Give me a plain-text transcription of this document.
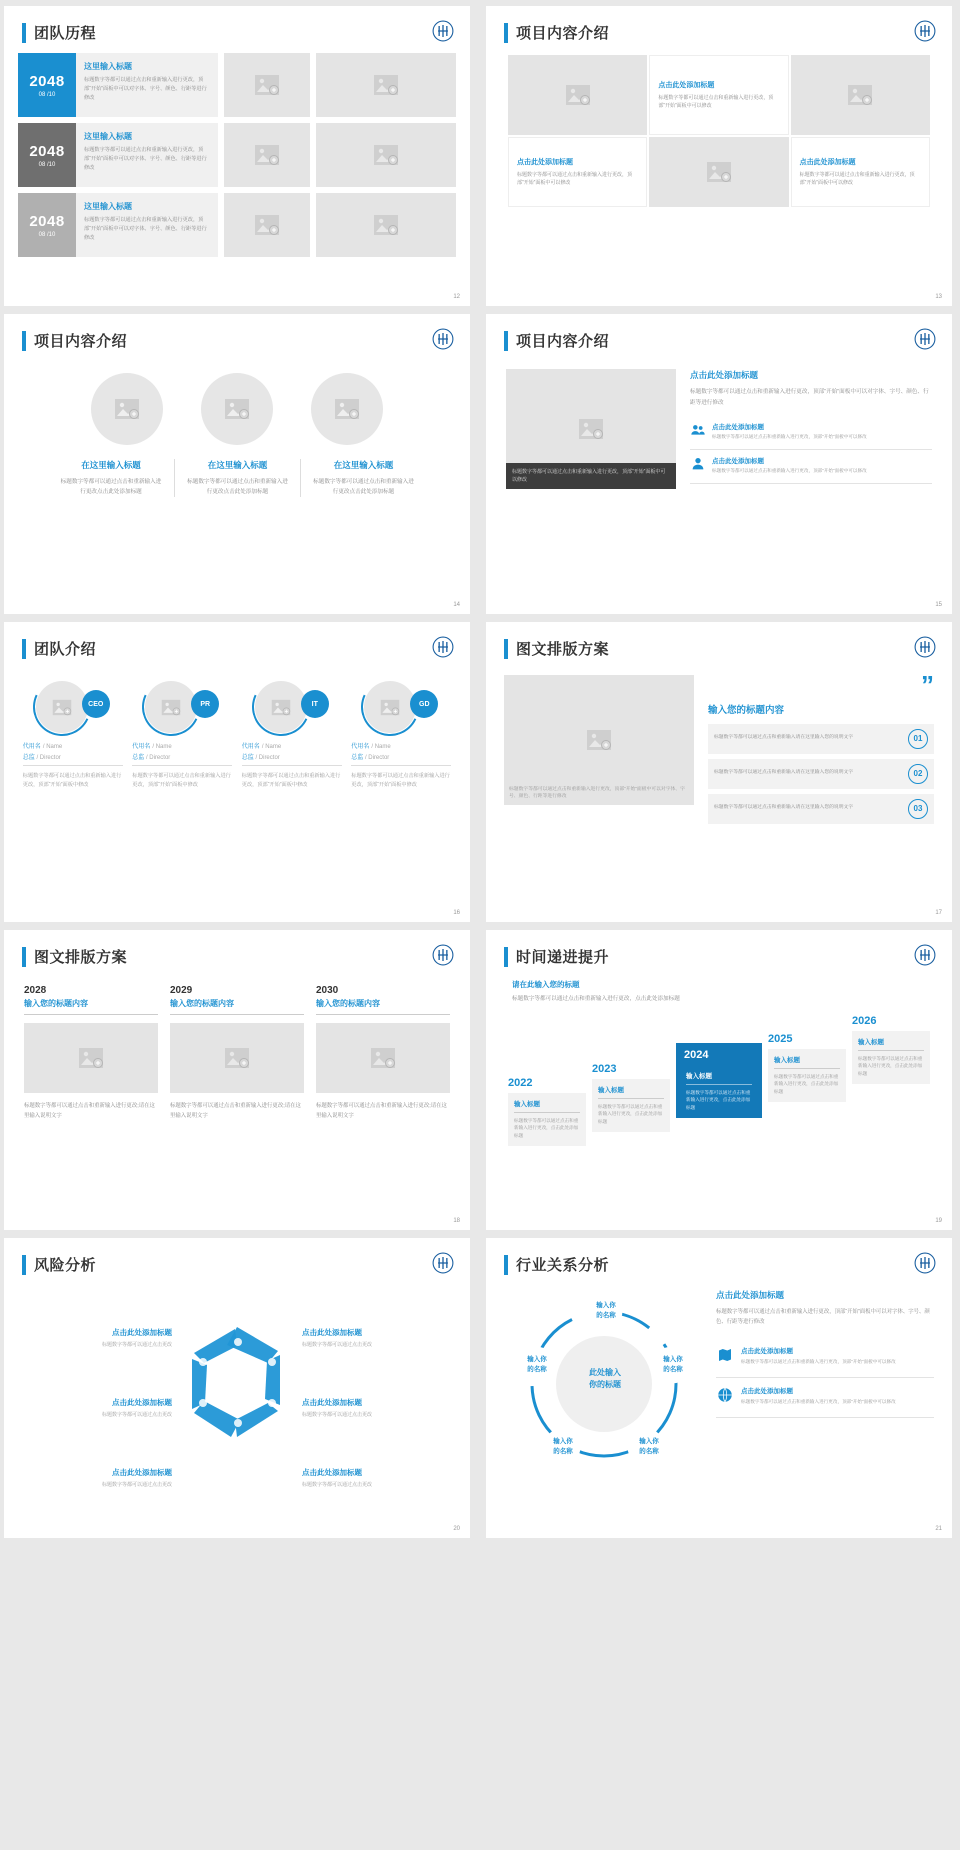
团队历程
2048
08 /10
这里输入标题

标题数字等都可以通过点击和重新输入进行更改，顶部“开始”面板中可以对字体、字号、颜色、行距等进行修改

2048
08 /10
这里输入标题

标题数字等都可以通过点击和重新输入进行更改，顶部“开始”面板中可以对字体、字号、颜色、行距等进行修改

2048
08 /10
这里输入标题

标题数字等都可以通过点击和重新输入进行更改，顶部“开始”面板中可以对字体、字号、颜色、行距等进行修改

12
项目内容介绍
点击此处添加标题

标题数字等都可以通过点击和重新输入进行更改，顶部“开始”面板中可以修改

点击此处添加标题

标题数字等都可以通过点击和重新输入进行更改，顶部“开始”面板中可以修改

点击此处添加标题

标题数字等都可以通过点击和重新输入进行更改，顶部“开始”面板中可以修改

13
项目内容介绍
在这里输入标题

标题数字等都可以通过点击和重新输入进行更改点击此处添加标题

在这里输入标题

标题数字等都可以通过点击和重新输入进行更改点击此处添加标题

在这里输入标题

标题数字等都可以通过点击和重新输入进行更改点击此处添加标题

14
项目内容介绍
标题数字等都可以通过点击和重新输入进行更改，顶部“开始”面板中可以修改
点击此处添加标题

标题数字等都可以通过点击和重新输入进行更改，顶部“开始”面板中可以对字体、字号、颜色、行距等进行修改

点击此处添加标题

标题数字等都可以通过点击和重新输入进行更改，顶部“开始”面板中可以修改

点击此处添加标题

标题数字等都可以通过点击和重新输入进行更改，顶部“开始”面板中可以修改

15
团队介绍
CEO
代用名 / Name
总监 / Director
标题数字等都可以通过点击和重新输入进行更改，顶部“开始”面板中修改
PR
代用名 / Name
总监 / Director
标题数字等都可以通过点击和重新输入进行更改，顶部“开始”面板中修改
IT
代用名 / Name
总监 / Director
标题数字等都可以通过点击和重新输入进行更改，顶部“开始”面板中修改
GD
代用名 / Name
总监 / Director
标题数字等都可以通过点击和重新输入进行更改，顶部“开始”面板中修改
16
图文排版方案
标题数字等都可以通过点击和重新输入进行更改，顶部“开始”面板中可以对字体、字号、颜色、行距等进行修改
”
输入您的标题内容

标题数字等都可以通过点击和重新输入请在这里输入您的说明文字	01

标题数字等都可以通过点击和重新输入请在这里输入您的说明文字	02

标题数字等都可以通过点击和重新输入请在这里输入您的说明文字	03
17
图文排版方案
2028
输入您的标题内容
标题数字等都可以通过点击和重新输入进行更改;请在这里输入说明文字
2029
输入您的标题内容
标题数字等都可以通过点击和重新输入进行更改;请在这里输入说明文字
2030
输入您的标题内容
标题数字等都可以通过点击和重新输入进行更改;请在这里输入说明文字
18
时间递进提升
请在此输入您的标题

标题数字等都可以通过点击和重新输入进行更改，点击此处添加标题

2022
输入标题

标题数字等都可以通过点击和重新输入进行更改，点击此处添加标题

2023
输入标题

标题数字等都可以通过点击和重新输入进行更改，点击此处添加标题

2024
输入标题

标题数字等都可以通过点击和重新输入进行更改，点击此处添加标题

2025
输入标题

标题数字等都可以通过点击和重新输入进行更改，点击此处添加标题

2026
输入标题

标题数字等都可以通过点击和重新输入进行更改，点击此处添加标题

19
风险分析
点击此处添加标题

标题数字等都可以通过点击更改

点击此处添加标题

标题数字等都可以通过点击更改

点击此处添加标题

标题数字等都可以通过点击更改

点击此处添加标题

标题数字等都可以通过点击更改

点击此处添加标题

标题数字等都可以通过点击更改

点击此处添加标题

标题数字等都可以通过点击更改

20
行业关系分析
此处输入
你的标题
输入你
的名称
输入你
的名称
输入你
的名称
输入你
的名称
输入你
的名称
点击此处添加标题

标题数字等都可以通过点击和重新输入进行更改，顶部“开始”面板中可以对字体、字号、颜色、行距等进行修改

点击此处添加标题

标题数字等都可以通过点击和重新输入进行更改，顶部“开始”面板中可以修改

点击此处添加标题

标题数字等都可以通过点击和重新输入进行更改，顶部“开始”面板中可以修改

21
